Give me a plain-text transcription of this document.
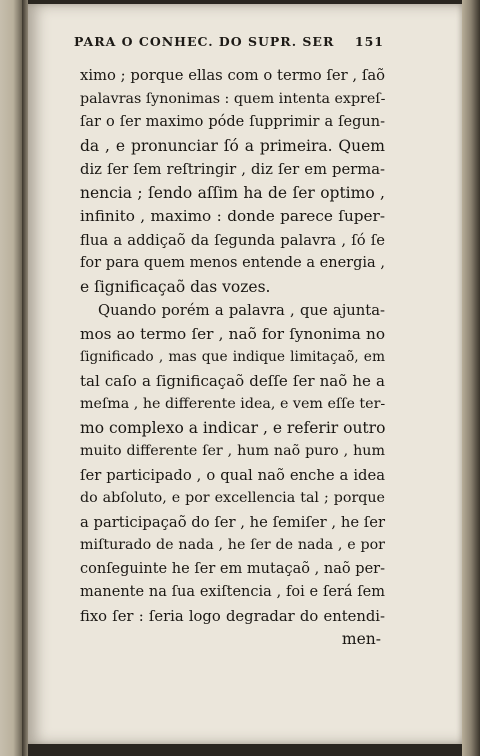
PARA O CONHEC. DO SUPR. SER 151
ximo ; porque ellas com o termo ſer , ſaõ
palavras ſynonimas : quem intenta expreſ-
ſar o ſer maximo póde ſupprimir a ſegun-
da , e pronunciar ſó a primeira. Quem
diz ſer ſem reſtringir , diz ſer em perma-
nencia ; ſendo aſſim ha de ſer optimo ,
infinito , maximo : donde parece ſuper-
flua a addiçaõ da ſegunda palavra , ſó ſe
for para quem menos entende a energia ,
e ſignificaçaõ das vozes.
Quando porém a palavra , que ajunta-
mos ao termo ſer , naõ for ſynonima no
ſignificado , mas que indique limitaçaõ, em
tal caſo a ſignificaçaõ deſſe ſer naõ he a
meſma , he differente idea, e vem eſſe ter-
mo complexo a indicar , e referir outro
muito differente ſer , hum naõ puro , hum
ſer participado , o qual naõ enche a idea
do abſoluto, e por excellencia tal ; porque
a participaçaõ do ſer , he ſemiſer , he ſer
miſturado de nada , he ſer de nada , e por
conſeguinte he ſer em mutaçaõ , naõ per-
manente na ſua exiſtencia , foi e ſerá ſem
fixo ſer : ſeria logo degradar do entendi-
men-
